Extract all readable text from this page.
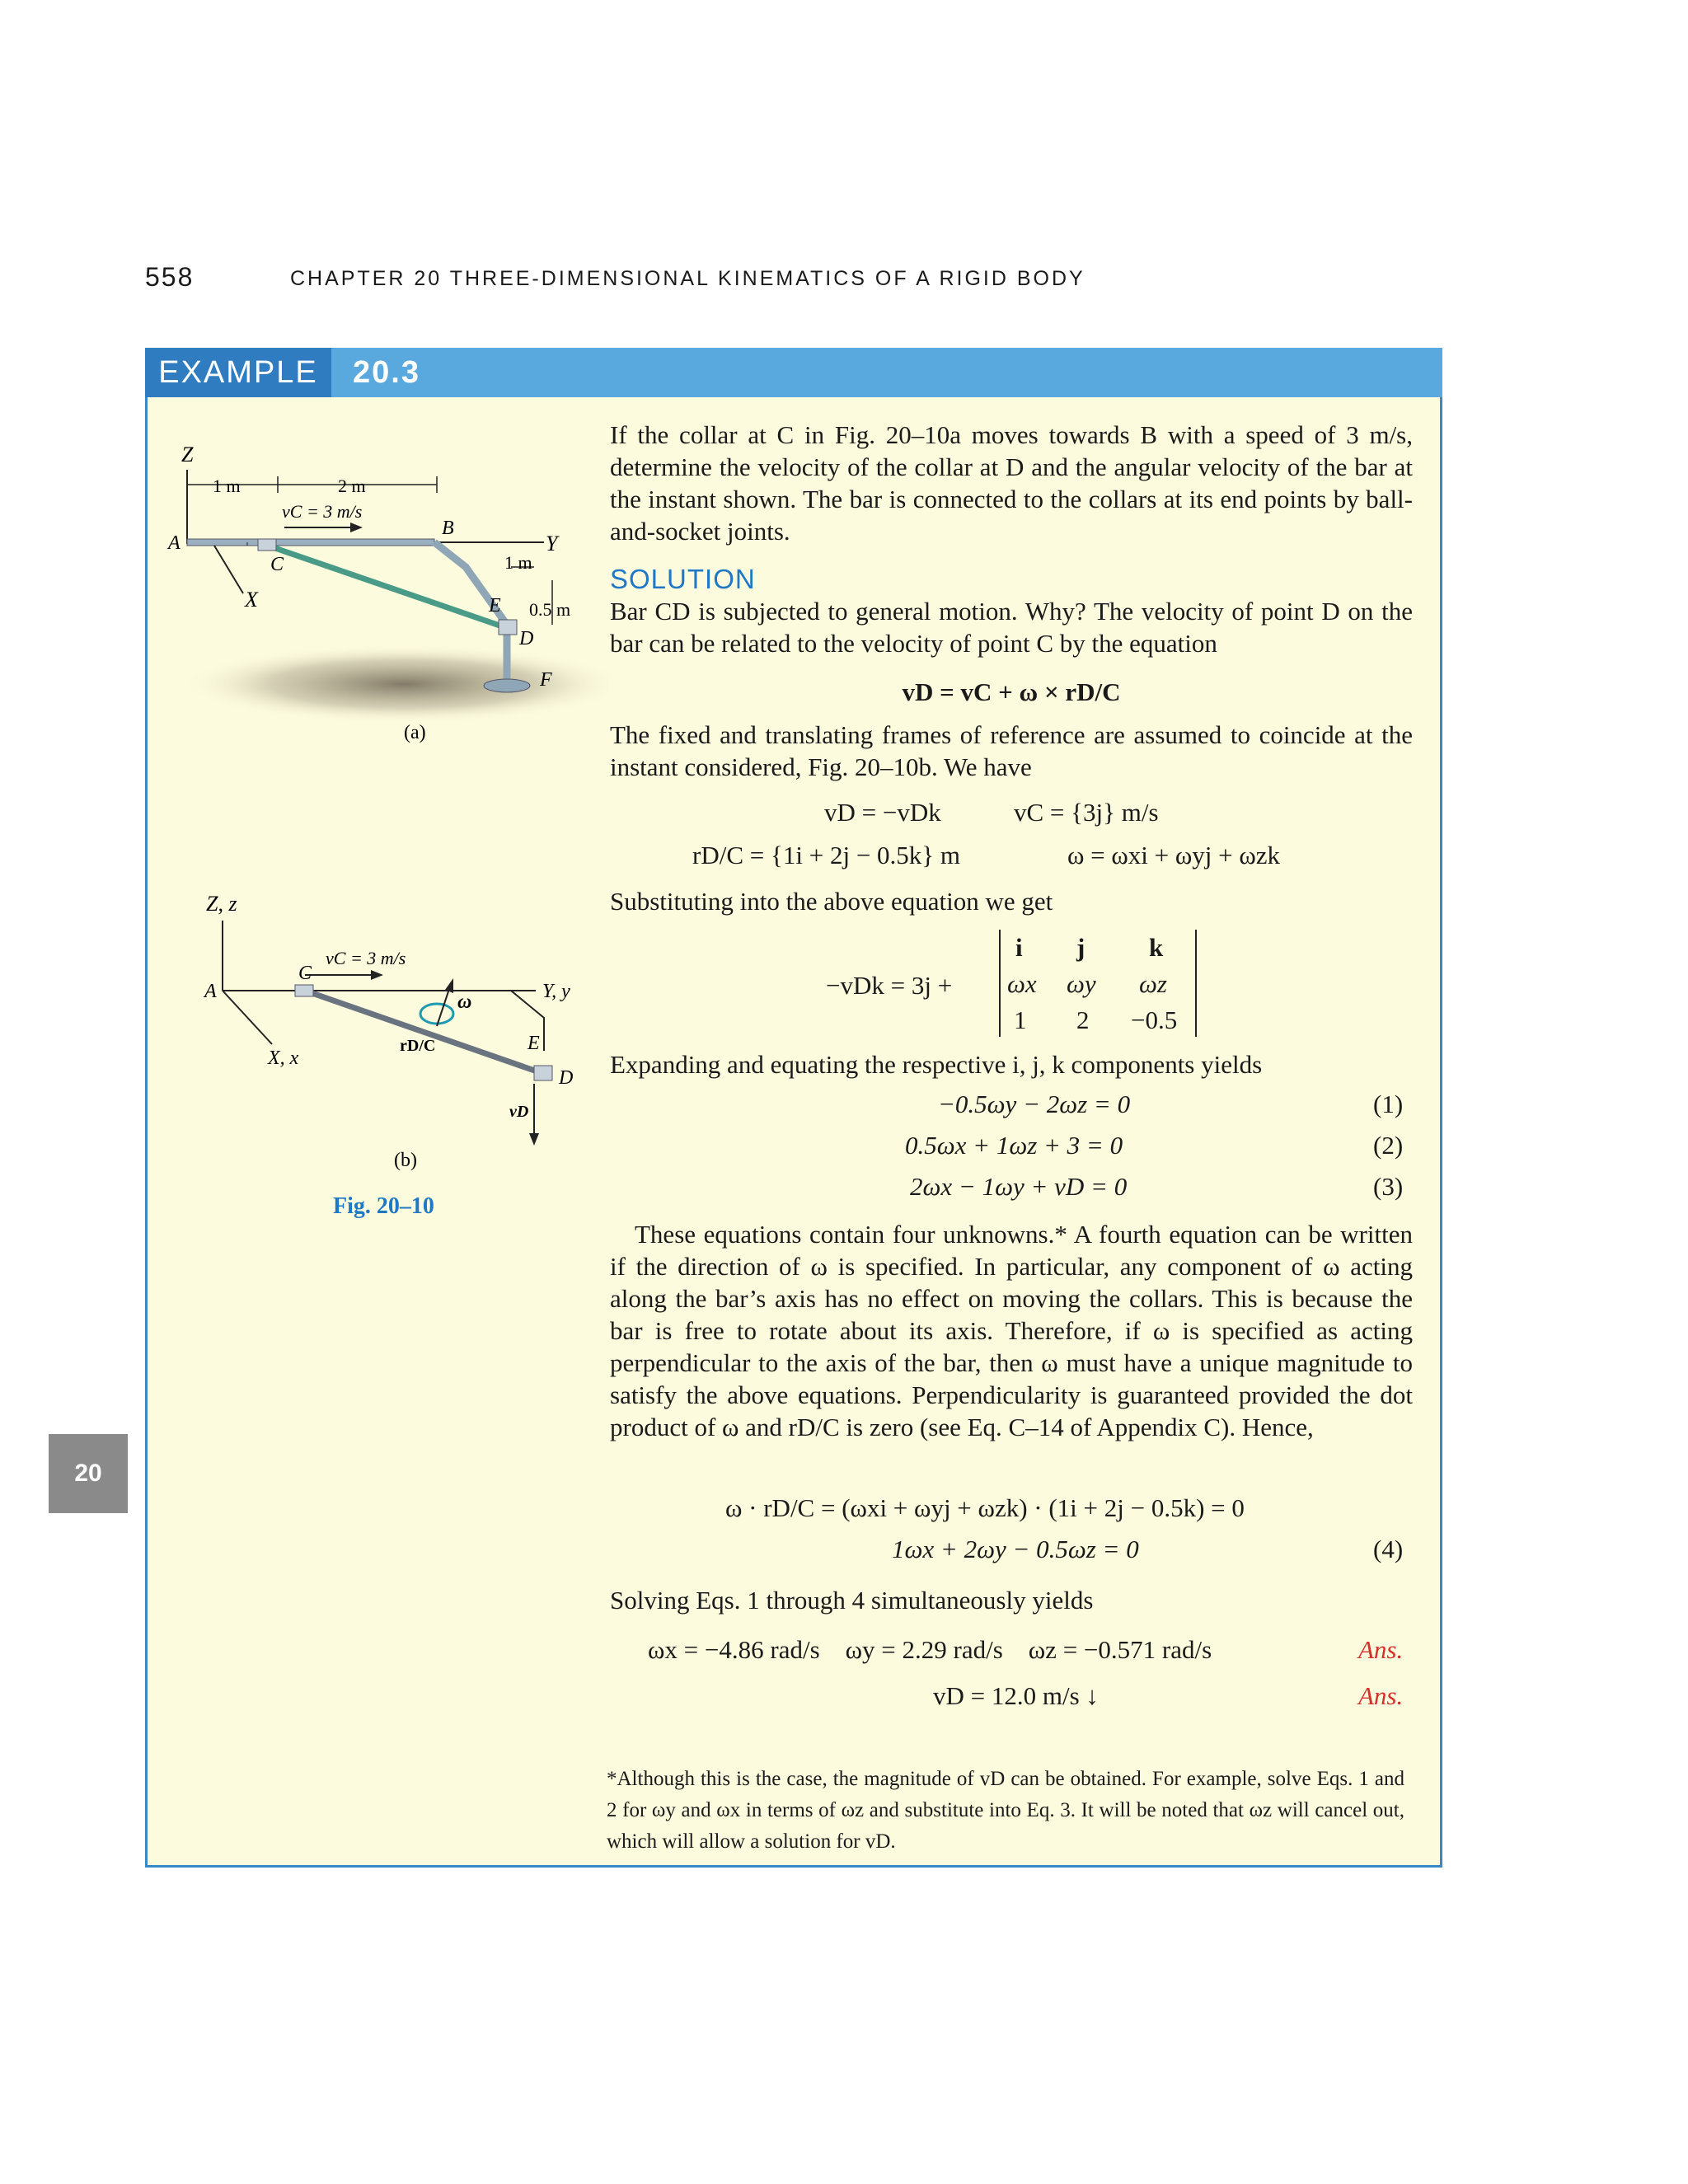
558	CHAPTER 20 THREE-DIMENSIONAL KINEMATICS OF A RIGID BODY
EXAMPLE	20.3
20
Z
1 m	2 m
vC = 3 m/s
Y
A
B
1 m
0.5 m
E
D
F
X
C
(a)
Z, z
Y, y
A
X, x
vC = 3 m/s
C
E
D
rD/C
ω
vD
(b)
Fig. 20–10
If the collar at C in Fig. 20–10a moves towards B with a speed of 3 m/s, determine the velocity of the collar at D and the angular velocity of the bar at the instant shown. The bar is connected to the collars at its end points by ball-and-socket joints.
SOLUTION
Bar CD is subjected to general motion. Why? The velocity of point D on the bar can be related to the velocity of point C by the equation
vD = vC + ω × rD/C
The fixed and translating frames of reference are assumed to coincide at the instant considered, Fig. 20–10b. We have
vD = −vDk	vC = {3j} m/s
rD/C = {1i + 2j − 0.5k} m	ω = ωxi + ωyj + ωzk
Substituting into the above equation we get
−vDk = 3j +
i j	k
ωx ωy ωz
1 2 −0.5
Expanding and equating the respective i, j, k components yields
−0.5ωy − 2ωz = 0	(1)
0.5ωx + 1ωz + 3 = 0	(2)
2ωx − 1ωy + vD = 0	(3)
These equations contain four unknowns.* A fourth equation can be written if the direction of ω is specified. In particular, any component of ω acting along the bar’s axis has no effect on moving the collars. This is because the bar is free to rotate about its axis. Therefore, if ω is specified as acting perpendicular to the axis of the bar, then ω must have a unique magnitude to satisfy the above equations. Perpendicularity is guaranteed provided the dot product of ω and rD/C is zero (see Eq. C–14 of Appendix C). Hence,
ω · rD/C = (ωxi + ωyj + ωzk) · (1i + 2j − 0.5k) = 0
1ωx + 2ωy − 0.5ωz = 0	(4)
Solving Eqs. 1 through 4 simultaneously yields
ωx = −4.86 rad/s    ωy = 2.29 rad/s    ωz = −0.571 rad/s	Ans.
vD = 12.0 m/s ↓	Ans.
*Although this is the case, the magnitude of vD can be obtained. For example, solve Eqs. 1 and 2 for ωy and ωx in terms of ωz and substitute into Eq. 3. It will be noted that ωz will cancel out, which will allow a solution for vD.
